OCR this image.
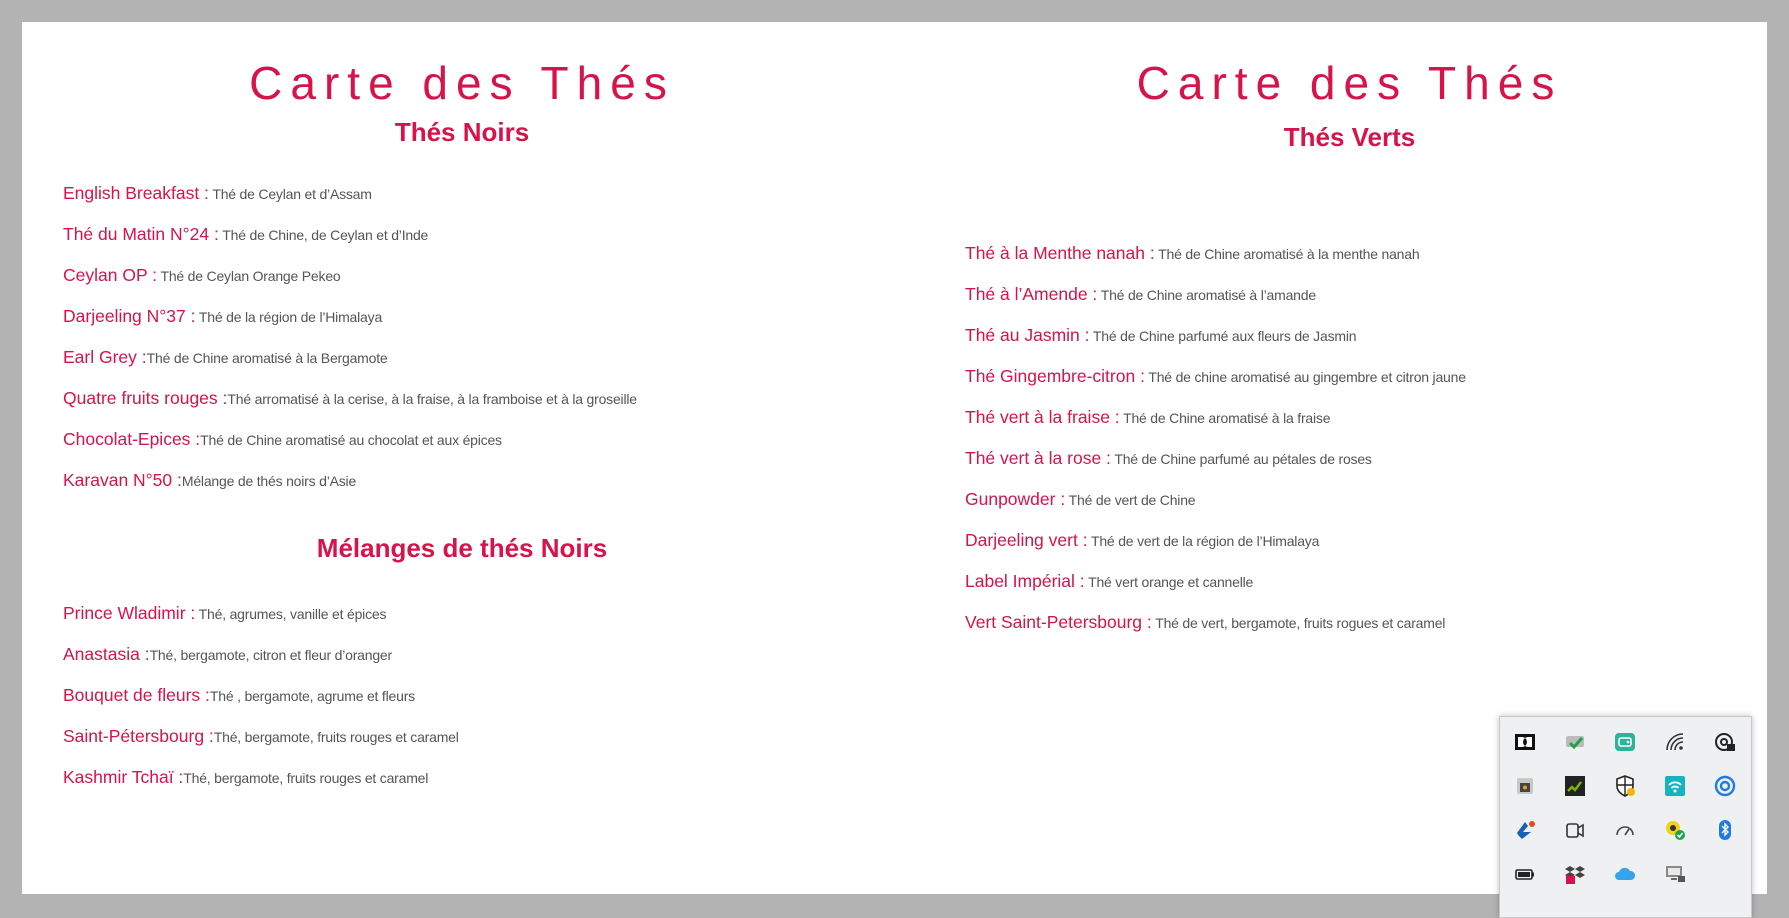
Carte des Thés
Thés Noirs
English Breakfast : Thé de Ceylan et d’Assam
Thé du Matin N°24 : Thé de Chine, de Ceylan et d’Inde
Ceylan OP : Thé de Ceylan Orange Pekeo
Darjeeling N°37 : Thé de la région de l’Himalaya
Earl Grey :Thé de Chine aromatisé à la Bergamote
Quatre fruits rouges :Thé arromatisé à la cerise, à la fraise, à la framboise et à la groseille
Chocolat-Epices :Thé de Chine aromatisé au chocolat et aux épices
Karavan N°50 :Mélange de thés noirs d’Asie
Mélanges de thés Noirs
Prince Wladimir : Thé, agrumes, vanille et épices
Anastasia :Thé, bergamote, citron et fleur d’oranger
Bouquet de fleurs :Thé , bergamote, agrume et fleurs
Saint-Pétersbourg :Thé, bergamote, fruits rouges et caramel
Kashmir Tchaï :Thé, bergamote, fruits rouges et caramel
Carte des Thés
Thés Verts
Thé à la Menthe nanah : Thé de Chine aromatisé à la menthe nanah
Thé à l’Amende : Thé de Chine aromatisé à l’amande
Thé au Jasmin : Thé de Chine parfumé aux fleurs de Jasmin
Thé Gingembre-citron : Thé de chine aromatisé au gingembre et citron jaune
Thé vert à la fraise : Thé de Chine aromatisé à la fraise
Thé vert à la rose : Thé de Chine parfumé au pétales de roses
Gunpowder : Thé de vert de Chine
Darjeeling vert : Thé de vert de la région de l’Himalaya
Label Impérial : Thé vert orange et cannelle
Vert Saint-Petersbourg : Thé de vert, bergamote, fruits rogues et caramel
